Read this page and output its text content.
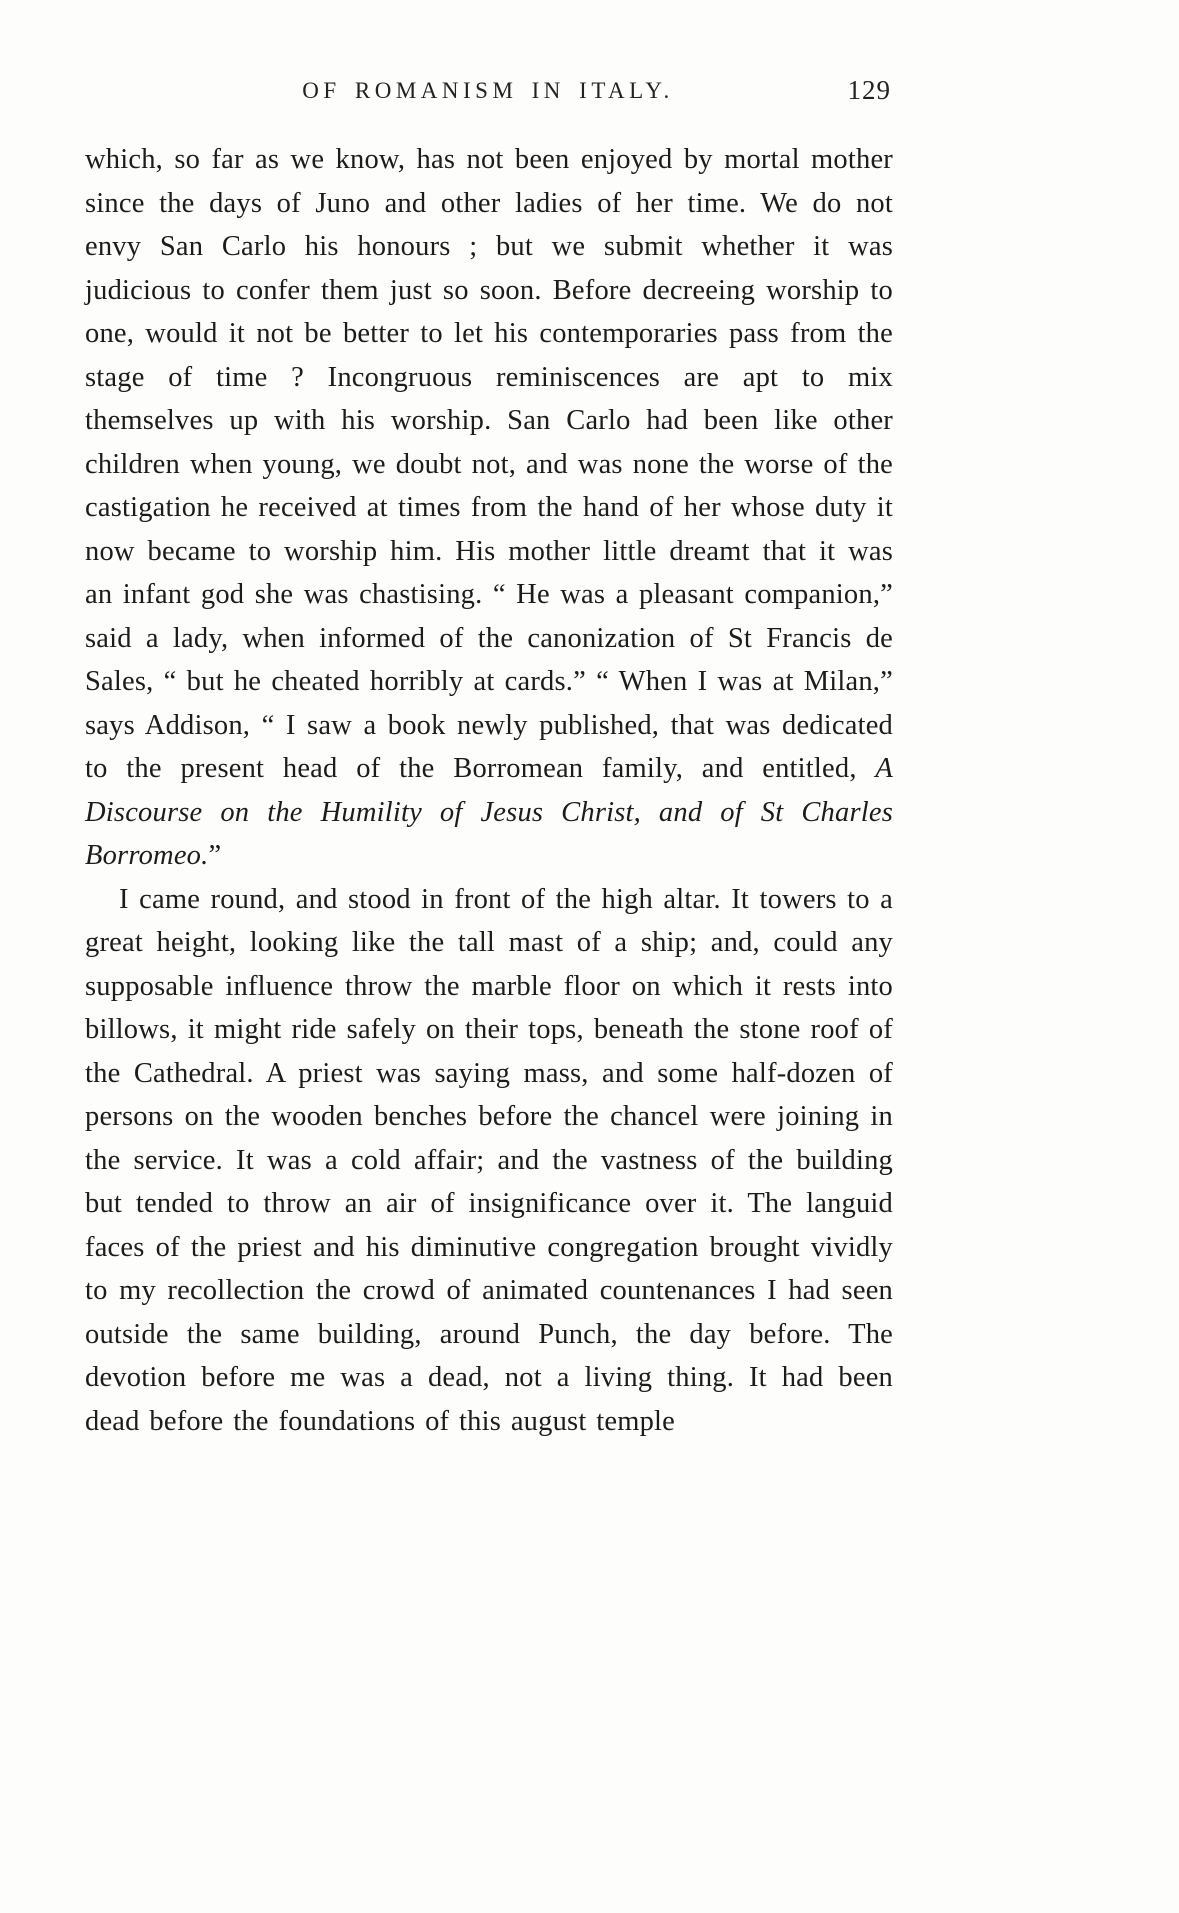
OF ROMANISM IN ITALY.	129

which, so far as we know, has not been enjoyed by mortal mother since the days of Juno and other ladies of her time. We do not envy San Carlo his honours ; but we submit whether it was judicious to confer them just so soon. Before decreeing worship to one, would it not be better to let his contemporaries pass from the stage of time ? Incongruous reminiscences are apt to mix themselves up with his worship. San Carlo had been like other children when young, we doubt not, and was none the worse of the castigation he received at times from the hand of her whose duty it now became to worship him. His mother little dreamt that it was an infant god she was chastising. “ He was a pleasant companion,” said a lady, when informed of the canonization of St Francis de Sales, “ but he cheated horribly at cards.” “ When I was at Milan,” says Addison, “ I saw a book newly published, that was dedicated to the present head of the Borromean family, and entitled, A Discourse on the Humility of Jesus Christ, and of St Charles Borromeo.”

I came round, and stood in front of the high altar. It towers to a great height, looking like the tall mast of a ship; and, could any supposable influence throw the marble floor on which it rests into billows, it might ride safely on their tops, beneath the stone roof of the Cathedral. A priest was saying mass, and some half-dozen of persons on the wooden benches before the chancel were joining in the service. It was a cold affair; and the vastness of the building but tended to throw an air of insignificance over it. The languid faces of the priest and his diminutive congregation brought vividly to my recollection the crowd of animated countenances I had seen outside the same building, around Punch, the day before. The devotion before me was a dead, not a living thing. It had been dead before the foundations of this august temple
